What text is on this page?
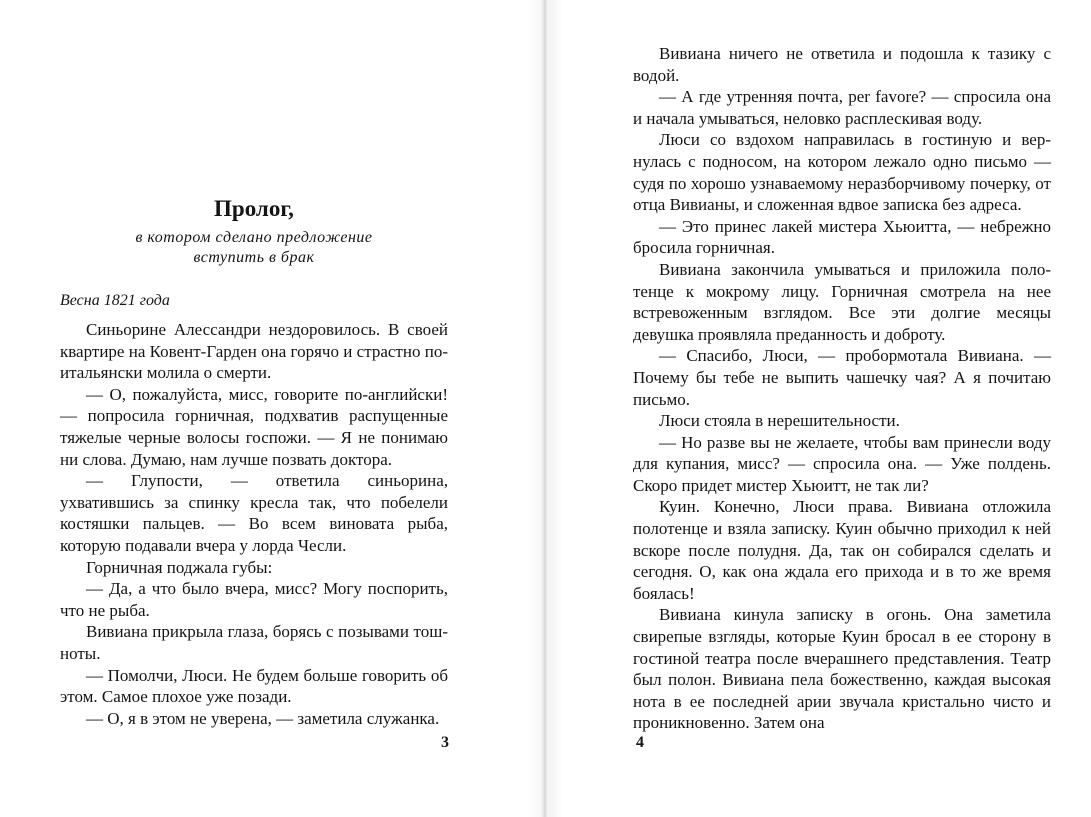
Пролог,

в котором сделано предложение

вступить в брак

Весна 1821 года

Синьорине Алессандри нездоровилось. В своей квартире на Ковент-Гарден она горячо и страстно по-итальянски молила о смерти.

— О, пожалуйста, мисс, говорите по-английски! — попросила горничная, подхватив распущенные тяжелые черные волосы госпожи. — Я не понимаю ни слова. Думаю, нам лучше позвать доктора.

— Глупости, — ответила синьорина, ухватившись за спинку кресла так, что побелели костяшки пальцев. — Во всем виновата рыба, которую подавали вчера у лорда Чесли.

Горничная поджала губы:

— Да, а что было вчера, мисс? Могу поспорить, что не рыба.

Вивиана прикрыла глаза, борясь с позывами тошноты.

— Помолчи, Люси. Не будем больше говорить об этом. Самое плохое уже позади.

— О, я в этом не уверена, — заметила служанка.

3

Вивиана ничего не ответила и подошла к тазику с водой.

— А где утренняя почта, per favore? — спросила она и начала умываться, неловко расплескивая воду.

Люси со вздохом направилась в гостиную и вернулась с подносом, на котором лежало одно письмо — судя по хорошо узнаваемому неразборчивому почерку, от отца Вивианы, и сложенная вдвое записка без адреса.

— Это принес лакей мистера Хьюитта, — небрежно бросила горничная.

Вивиана закончила умываться и приложила полотенце к мокрому лицу. Горничная смотрела на нее встревоженным взглядом. Все эти долгие месяцы девушка проявляла преданность и доброту.

— Спасибо, Люси, — пробормотала Вивиана. — Почему бы тебе не выпить чашечку чая? А я почитаю письмо.

Люси стояла в нерешительности.

— Но разве вы не желаете, чтобы вам принесли воду для купания, мисс? — спросила она. — Уже полдень. Скоро придет мистер Хьюитт, не так ли?

Куин. Конечно, Люси права. Вивиана отложила полотенце и взяла записку. Куин обычно приходил к ней вскоре после полудня. Да, так он собирался сделать и сегодня. О, как она ждала его прихода и в то же время боялась!

Вивиана кинула записку в огонь. Она заметила свирепые взгляды, которые Куин бросал в ее сторону в гостиной театра после вчерашнего представления. Театр был полон. Вивиана пела божественно, каждая высокая нота в ее последней арии звучала кристально чисто и проникновенно. Затем она

4
